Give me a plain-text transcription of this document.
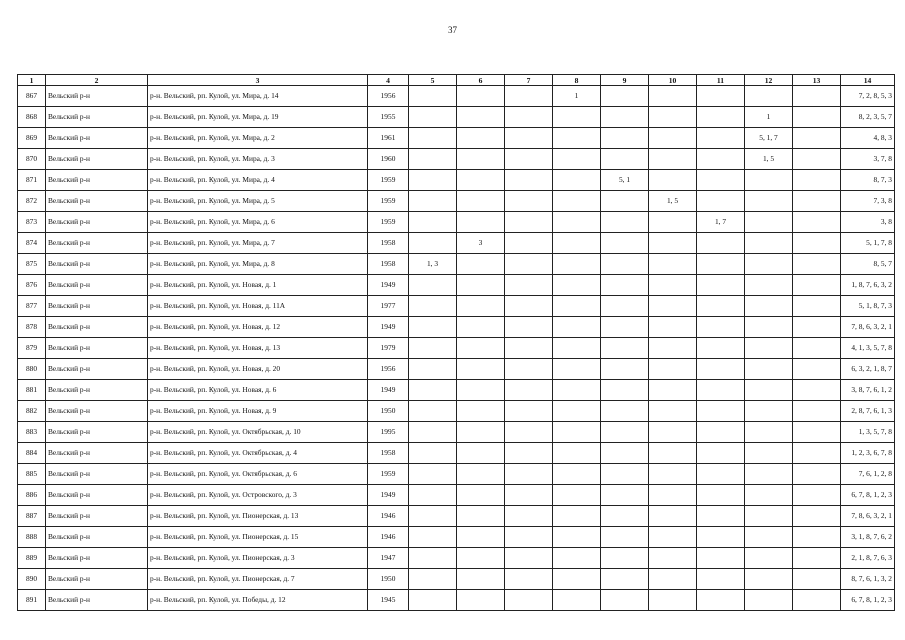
37
1	2	3	4	5	6	7	8	9	10	11	12	13	14
867	Вельский р-н	р-н. Вельский, рп. Кулой, ул. Мира, д. 14	1956				1						7, 2, 8, 5, 3
868	Вельский р-н	р-н. Вельский, рп. Кулой, ул. Мира, д. 19	1955								1		8, 2, 3, 5, 7
869	Вельский р-н	р-н. Вельский, рп. Кулой, ул. Мира, д. 2	1961								5, 1, 7		4, 8, 3
870	Вельский р-н	р-н. Вельский, рп. Кулой, ул. Мира, д. 3	1960								1, 5		3, 7, 8
871	Вельский р-н	р-н. Вельский, рп. Кулой, ул. Мира, д. 4	1959					5, 1					8, 7, 3
872	Вельский р-н	р-н. Вельский, рп. Кулой, ул. Мира, д. 5	1959						1, 5				7, 3, 8
873	Вельский р-н	р-н. Вельский, рп. Кулой, ул. Мира, д. 6	1959							1, 7			3, 8
874	Вельский р-н	р-н. Вельский, рп. Кулой, ул. Мира, д. 7	1958		3								5, 1, 7, 8
875	Вельский р-н	р-н. Вельский, рп. Кулой, ул. Мира, д. 8	1958	1, 3									8, 5, 7
876	Вельский р-н	р-н. Вельский, рп. Кулой, ул. Новая, д. 1	1949										1, 8, 7, 6, 3, 2
877	Вельский р-н	р-н. Вельский, рп. Кулой, ул. Новая, д. 11А	1977										5, 1, 8, 7, 3
878	Вельский р-н	р-н. Вельский, рп. Кулой, ул. Новая, д. 12	1949										7, 8, 6, 3, 2, 1
879	Вельский р-н	р-н. Вельский, рп. Кулой, ул. Новая, д. 13	1979										4, 1, 3, 5, 7, 8
880	Вельский р-н	р-н. Вельский, рп. Кулой, ул. Новая, д. 20	1956										6, 3, 2, 1, 8, 7
881	Вельский р-н	р-н. Вельский, рп. Кулой, ул. Новая, д. 6	1949										3, 8, 7, 6, 1, 2
882	Вельский р-н	р-н. Вельский, рп. Кулой, ул. Новая, д. 9	1950										2, 8, 7, 6, 1, 3
883	Вельский р-н	р-н. Вельский, рп. Кулой, ул. Октябрьская, д. 10	1995										1, 3, 5, 7, 8
884	Вельский р-н	р-н. Вельский, рп. Кулой, ул. Октябрьская, д. 4	1958										1, 2, 3, 6, 7, 8
885	Вельский р-н	р-н. Вельский, рп. Кулой, ул. Октябрьская, д. 6	1959										7, 6, 1, 2, 8
886	Вельский р-н	р-н. Вельский, рп. Кулой, ул. Островского, д. 3	1949										6, 7, 8, 1, 2, 3
887	Вельский р-н	р-н. Вельский, рп. Кулой, ул. Пионерская, д. 13	1946										7, 8, 6, 3, 2, 1
888	Вельский р-н	р-н. Вельский, рп. Кулой, ул. Пионерская, д. 15	1946										3, 1, 8, 7, 6, 2
889	Вельский р-н	р-н. Вельский, рп. Кулой, ул. Пионерская, д. 3	1947										2, 1, 8, 7, 6, 3
890	Вельский р-н	р-н. Вельский, рп. Кулой, ул. Пионерская, д. 7	1950										8, 7, 6, 1, 3, 2
891	Вельский р-н	р-н. Вельский, рп. Кулой, ул. Победы, д. 12	1945										6, 7, 8, 1, 2, 3
